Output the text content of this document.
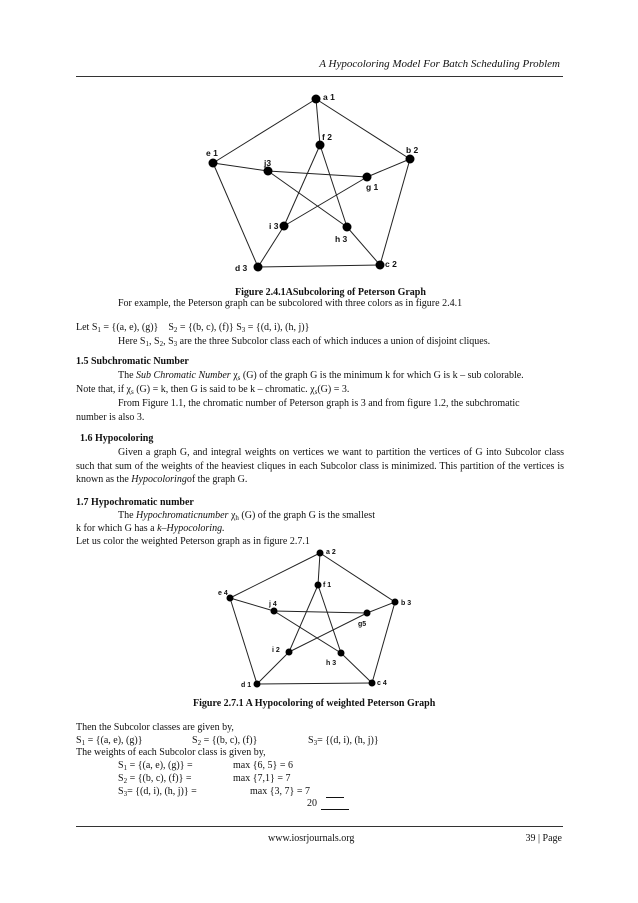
A Hypocoloring Model For Batch Scheduling Problem
a 1
b 2
c 2
d 3
e 1
f 2
g 1
h 3
i 3
j3
Figure 2.4.1ASubcoloring of Peterson Graph
For example, the Peterson graph can be subcolored with three colors as in figure 2.4.1
Let $S_1 = \{(a$, e), (g)}    $S_2 = \{(b$, c), (f)} $S_3 = \{(d$, i), (h, j)}
Here $S_1$, $S_2$, $S_3$ are the three Subcolor class each of which induces a union of disjoint cliques.
1.5 Subchromatic Number
The Sub Chromatic Number $\chi_s$ (G) of the graph G is the minimum k for which G is k – sub colorable.
Note that, if $\chi_s$ (G) = k, then G is said to be k – chromatic. $\chi_s(G) = 3$.
From Figure 1.1, the chromatic number of Peterson graph is 3 and from figure 1.2, the subchromatic
number is also 3.
1.6 Hypocoloring
Given a graph G, and integral weights on vertices we want to partition the vertices of G into Subcolor class such that sum of the weights of the heaviest cliques in each Subcolor class is minimized. This partition of the vertices is known as the Hypocoloringof the graph G.
1.7 Hypochromatic number
The Hypochromaticnumber $\chi_h$ (G) of the graph G is the smallest
k for which G has a k–Hypocoloring.
Let us color the weighted Peterson graph as in figure 2.7.1
a 2
b 3
c 4
d 1
e 4
f 1
g5
h 3
i 2
j 4
Figure 2.7.1 A Hypocoloring of weighted Peterson Graph
Then the Subcolor classes are given by,
$S_1 = \{(a$, e), (g)}	$S_2 = \{(b$, c), (f)}	$S_3= \{(d$, i), (h, j)}
The weights of each Subcolor class is given by,
$S_1 = \{(a$, e), (g)} =	max {6, 5} = 6
$S_2 = \{(b$, c), (f)} =	max {7,1} = 7
$S_3= \{(d$, i), (h, j)} =	max {3, 7} = 7
20
www.iosrjournals.org	39 | Page
